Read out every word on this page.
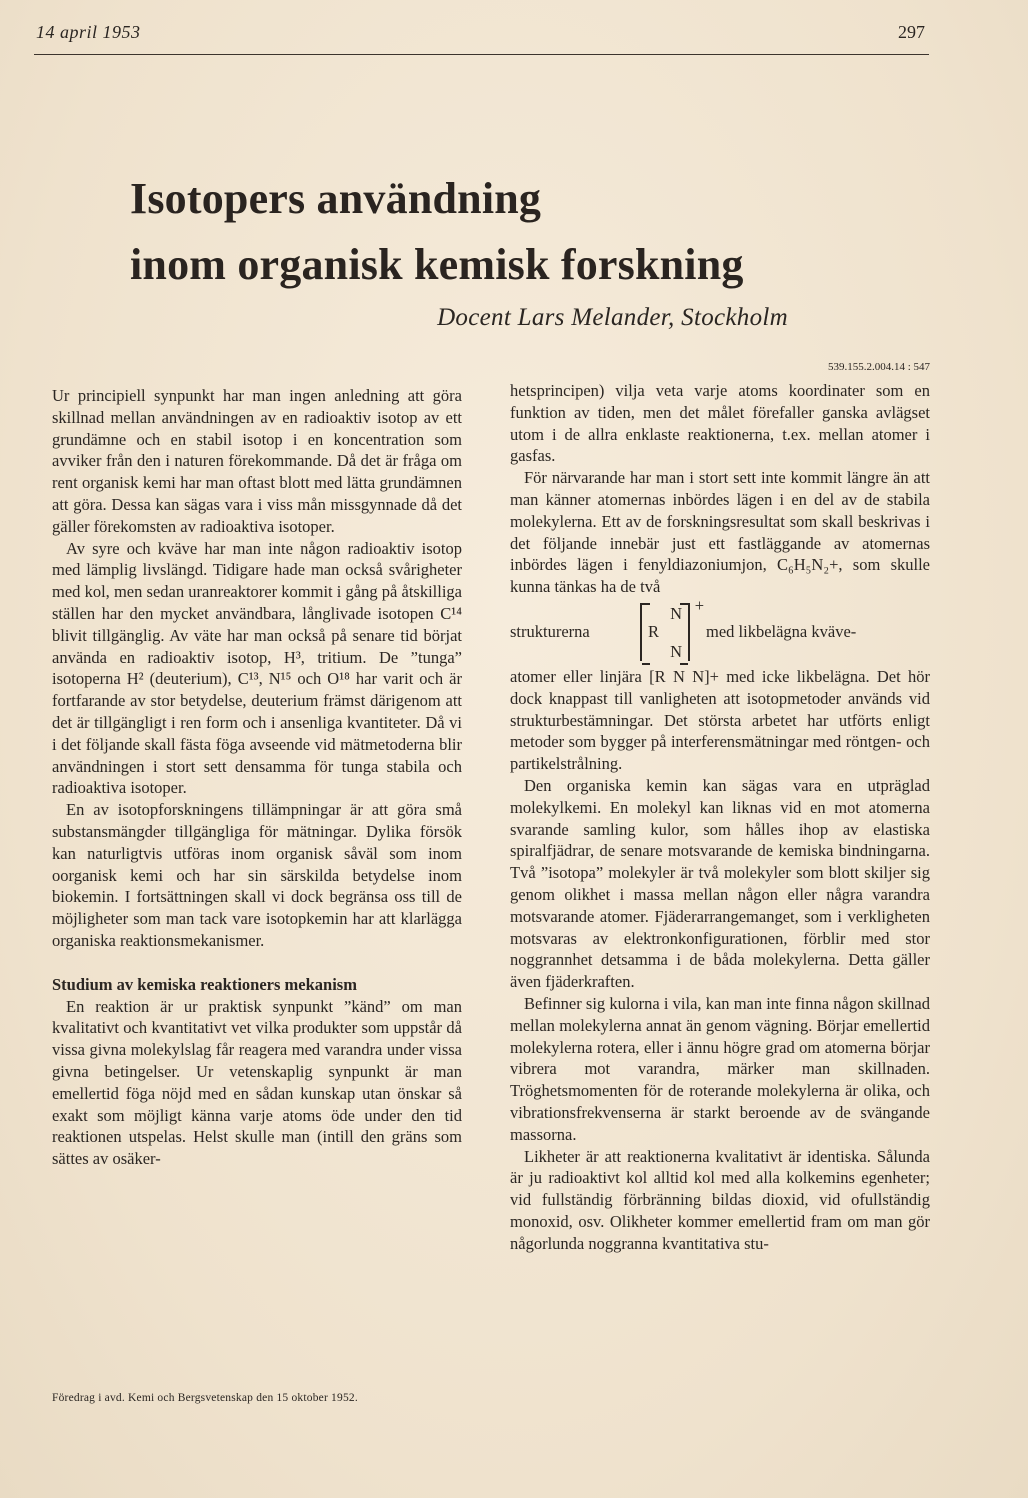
14 april 1953	297
Isotopers användning
inom organisk kemisk forskning
Docent Lars Melander, Stockholm
539.155.2.004.14 : 547

Ur principiell synpunkt har man ingen anledning att göra skillnad mellan användningen av en radioaktiv isotop av ett grundämne och en stabil isotop i en koncentration som avviker från den i naturen förekommande. Då det är fråga om rent organisk kemi har man oftast blott med lätta grundämnen att göra. Dessa kan sägas vara i viss mån missgynnade då det gäller förekomsten av radioaktiva isotoper.

Av syre och kväve har man inte någon radioaktiv isotop med lämplig livslängd. Tidigare hade man också svårigheter med kol, men sedan uranreaktorer kommit i gång på åtskilliga ställen har den mycket användbara, långlivade isotopen C¹⁴ blivit tillgänglig. Av väte har man också på senare tid börjat använda en radioaktiv isotop, H³, tritium. De ”tunga” isotoperna H² (deuterium), C¹³, N¹⁵ och O¹⁸ har varit och är fortfarande av stor betydelse, deuterium främst därigenom att det är tillgängligt i ren form och i ansenliga kvantiteter. Då vi i det följande skall fästa föga avseende vid mätmetoderna blir användningen i stort sett densamma för tunga stabila och radioaktiva isotoper.

En av isotopforskningens tillämpningar är att göra små substansmängder tillgängliga för mätningar. Dylika försök kan naturligtvis utföras inom organisk såväl som inom oorganisk kemi och har sin särskilda betydelse inom biokemin. I fortsättningen skall vi dock begränsa oss till de möjligheter som man tack vare isotopkemin har att klarlägga organiska reaktionsmekanismer.

Studium av kemiska reaktioners mekanism

En reaktion är ur praktisk synpunkt ”känd” om man kvalitativt och kvantitativt vet vilka produkter som uppstår då vissa givna molekylslag får reagera med varandra under vissa givna betingelser. Ur vetenskaplig synpunkt är man emellertid föga nöjd med en sådan kunskap utan önskar så exakt som möjligt känna varje atoms öde under den tid reaktionen utspelas. Helst skulle man (intill den gräns som sättes av osäker-

hetsprincipen) vilja veta varje atoms koordinater som en funktion av tiden, men det målet förefaller ganska avlägset utom i de allra enklaste reaktionerna, t.ex. mellan atomer i gasfas.

För närvarande har man i stort sett inte kommit längre än att man känner atomernas inbördes lägen i en del av de stabila molekylerna. Ett av de forskningsresultat som skall beskrivas i det följande innebär just ett fastläggande av atomernas inbördes lägen i fenyldiazoniumjon, C₆H₅N₂+, som skulle kunna tänkas ha de två

strukturerna
N
R
N
+
med likbelägna kväve-

atomer eller linjära [R N N]+ med icke likbelägna. Det hör dock knappast till vanligheten att isotopmetoder används vid strukturbestämningar. Det största arbetet har utförts enligt metoder som bygger på interferensmätningar med röntgen- och partikelstrålning.

Den organiska kemin kan sägas vara en utpräglad molekylkemi. En molekyl kan liknas vid en mot atomerna svarande samling kulor, som hålles ihop av elastiska spiralfjädrar, de senare motsvarande de kemiska bindningarna. Två ”isotopa” molekyler är två molekyler som blott skiljer sig genom olikhet i massa mellan någon eller några varandra motsvarande atomer. Fjäderarrangemanget, som i verkligheten motsvaras av elektronkonfigurationen, förblir med stor noggrannhet detsamma i de båda molekylerna. Detta gäller även fjäderkraften.

Befinner sig kulorna i vila, kan man inte finna någon skillnad mellan molekylerna annat än genom vägning. Börjar emellertid molekylerna rotera, eller i ännu högre grad om atomerna börjar vibrera mot varandra, märker man skillnaden. Tröghetsmomenten för de roterande molekylerna är olika, och vibrationsfrekvenserna är starkt beroende av de svängande massorna.

Likheter är att reaktionerna kvalitativt är identiska. Sålunda är ju radioaktivt kol alltid kol med alla kolkemins egenheter; vid fullständig förbränning bildas dioxid, vid ofullständig monoxid, osv. Olikheter kommer emellertid fram om man gör någorlunda noggranna kvantitativa stu-

Föredrag i avd. Kemi och Bergsvetenskap den 15 oktober 1952.
